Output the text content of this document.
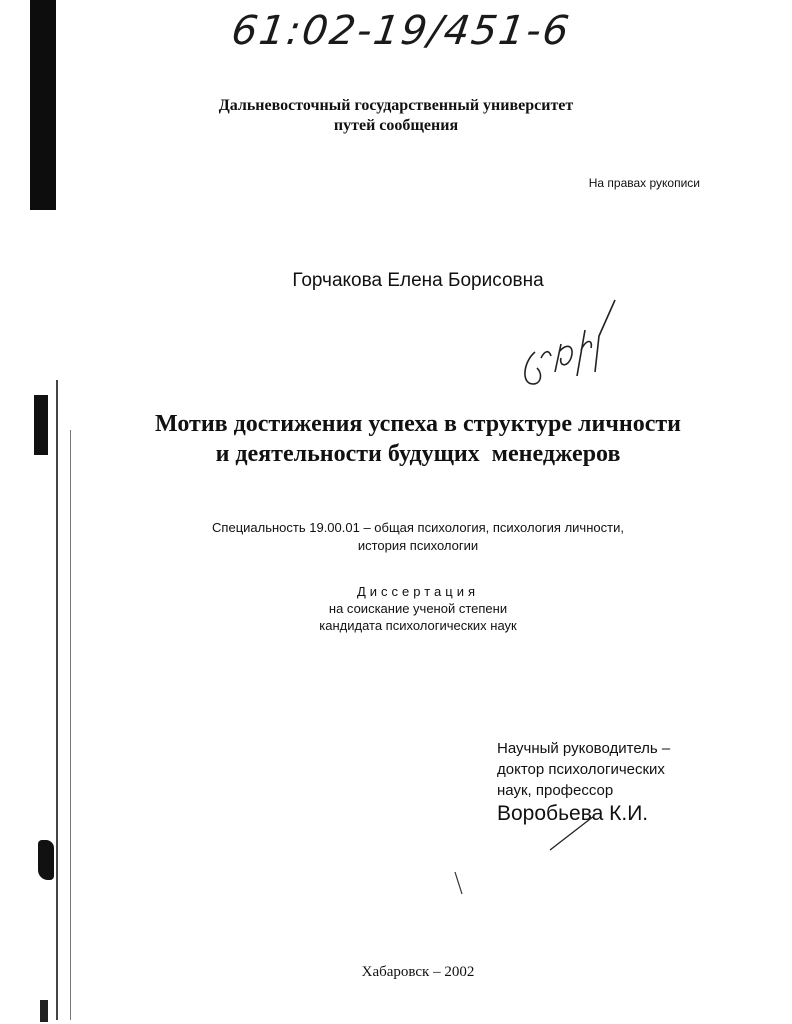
61:02-19/451-6
Дальневосточный государственный университет
путей сообщения
На правах рукописи
Горчакова Елена Борисовна
Мотив достижения успеха в структуре личности
и деятельности будущих  менеджеров
Специальность 19.00.01 – общая психология, психология личности,
история психологии
Диссертация
на соискание ученой степени
кандидата психологических наук
Научный руководитель –
доктор психологических
наук, профессор
Воробьева К.И.
Хабаровск – 2002
